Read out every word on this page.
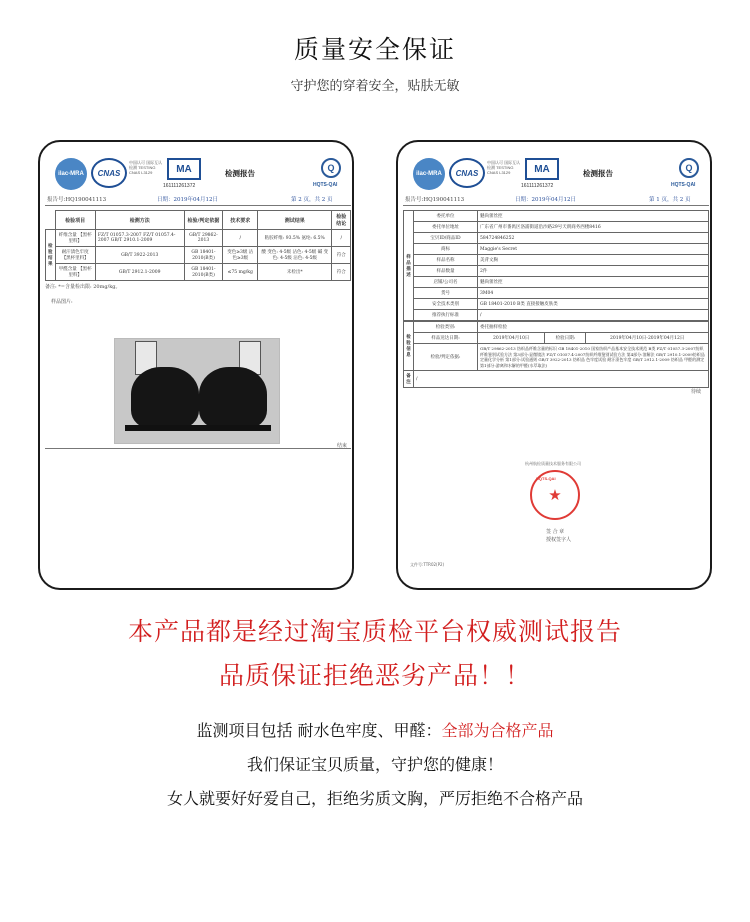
质量安全保证
守护您的穿着安全，贴肤无敏
ilac-MRA	CNAS
中国认可 国际互认 检测 TESTING CNAS L3129	MA
161111261372
检测报告
Q
HQTS-QAI
报告号:HQ190041113	日期：2019年04月12日	第 2 页，共 2 页
	检验项目	检测方法	检验/判定依据	技术要求	测试结果	检验结论
检验结果	纤维含量 【黑杯里料】	FZ/T 01057.3-2007 FZ/T 01057.4-2007 GB/T 2910.1-2009	GB/T 29862-2013	/	粘胶纤维: 93.5% 氨纶: 6.5%	/
	耐汗渍色牢度 【黑杯里料】	GB/T 3922-2013	GB 18401-2010(B类)	变色≥3级 沾色≥3级	酸 变色: 4-5级 沾色: 4-5级 碱 变色: 4-5级 沾色: 4-5级	符合
	甲醛含量 【黑杯里料】	GB/T 2912.1-2009	GB 18401-2010(B类)	≤75 mg/kg	未检出*	符合
备注: *=含量检出限: 20mg/kg。
样品图片:
结束
ilac-MRA	CNAS
中国认可 国际互认 检测 TESTING CNAS L3129	MA
161111261372
检测报告
Q
HQTS-QAI
报告号:HQ190041113	日期：2019年04月12日	第 1 页，共 2 页
样品描述	委托单位	魅尚蕾丝控
	委托单位地址	广东省广州市番禺区洛浦街道沿沙路29号天朗商务西楼8416
	宝贝ID/商品ID	584724846252
	商标	Maggie's Secret
	样品名称	美背文胸
	样品数量	2件
	店铺/公司名	魅尚蕾丝控
	货号	3M04
	安全技术类别	GB 18401-2010 B类 直接接触皮肤类
	推荐执行标准	/
检验信息	检验类别:	委托抽样检验		
	样品送达日期:	2019年04月10日	检验日期:	2019年04月10日-2019年04月12日
	检验/判定依据:	GB/T 29862-2013 纺织品纤维含量的标识 GB 18401-2010 国家纺织产品基本安全技术规范 B类 FZ/T 01057.3-2007纺织纤维鉴别试验方法 第3部分:显微镜法 FZ/T 01057.4-2007纺织纤维鉴别试验方法 第4部分:溶解法 GB/T 2910.1-2009纺织品 定量化学分析 第1部分:试验通则 GB/T 3922-2013 纺织品 色牢度试验 耐汗渍色牢度 GB/T 2912.1-2009 纺织品 甲醛的测定 第1部分:游离和水解的甲醛(水萃取法)		
备注	/			
待续
杭州航检质量技术服务有限公司
★
HQTS-QAI
签 合 章
授权签字人
文件号:TTR02(P2)
本产品都是经过淘宝质检平台权威测试报告
品质保证拒绝恶劣产品！！
监测项目包括 耐水色牢度、甲醛：全部为合格产品
我们保证宝贝质量，守护您的健康！
女人就要好好爱自己，拒绝劣质文胸，严厉拒绝不合格产品
